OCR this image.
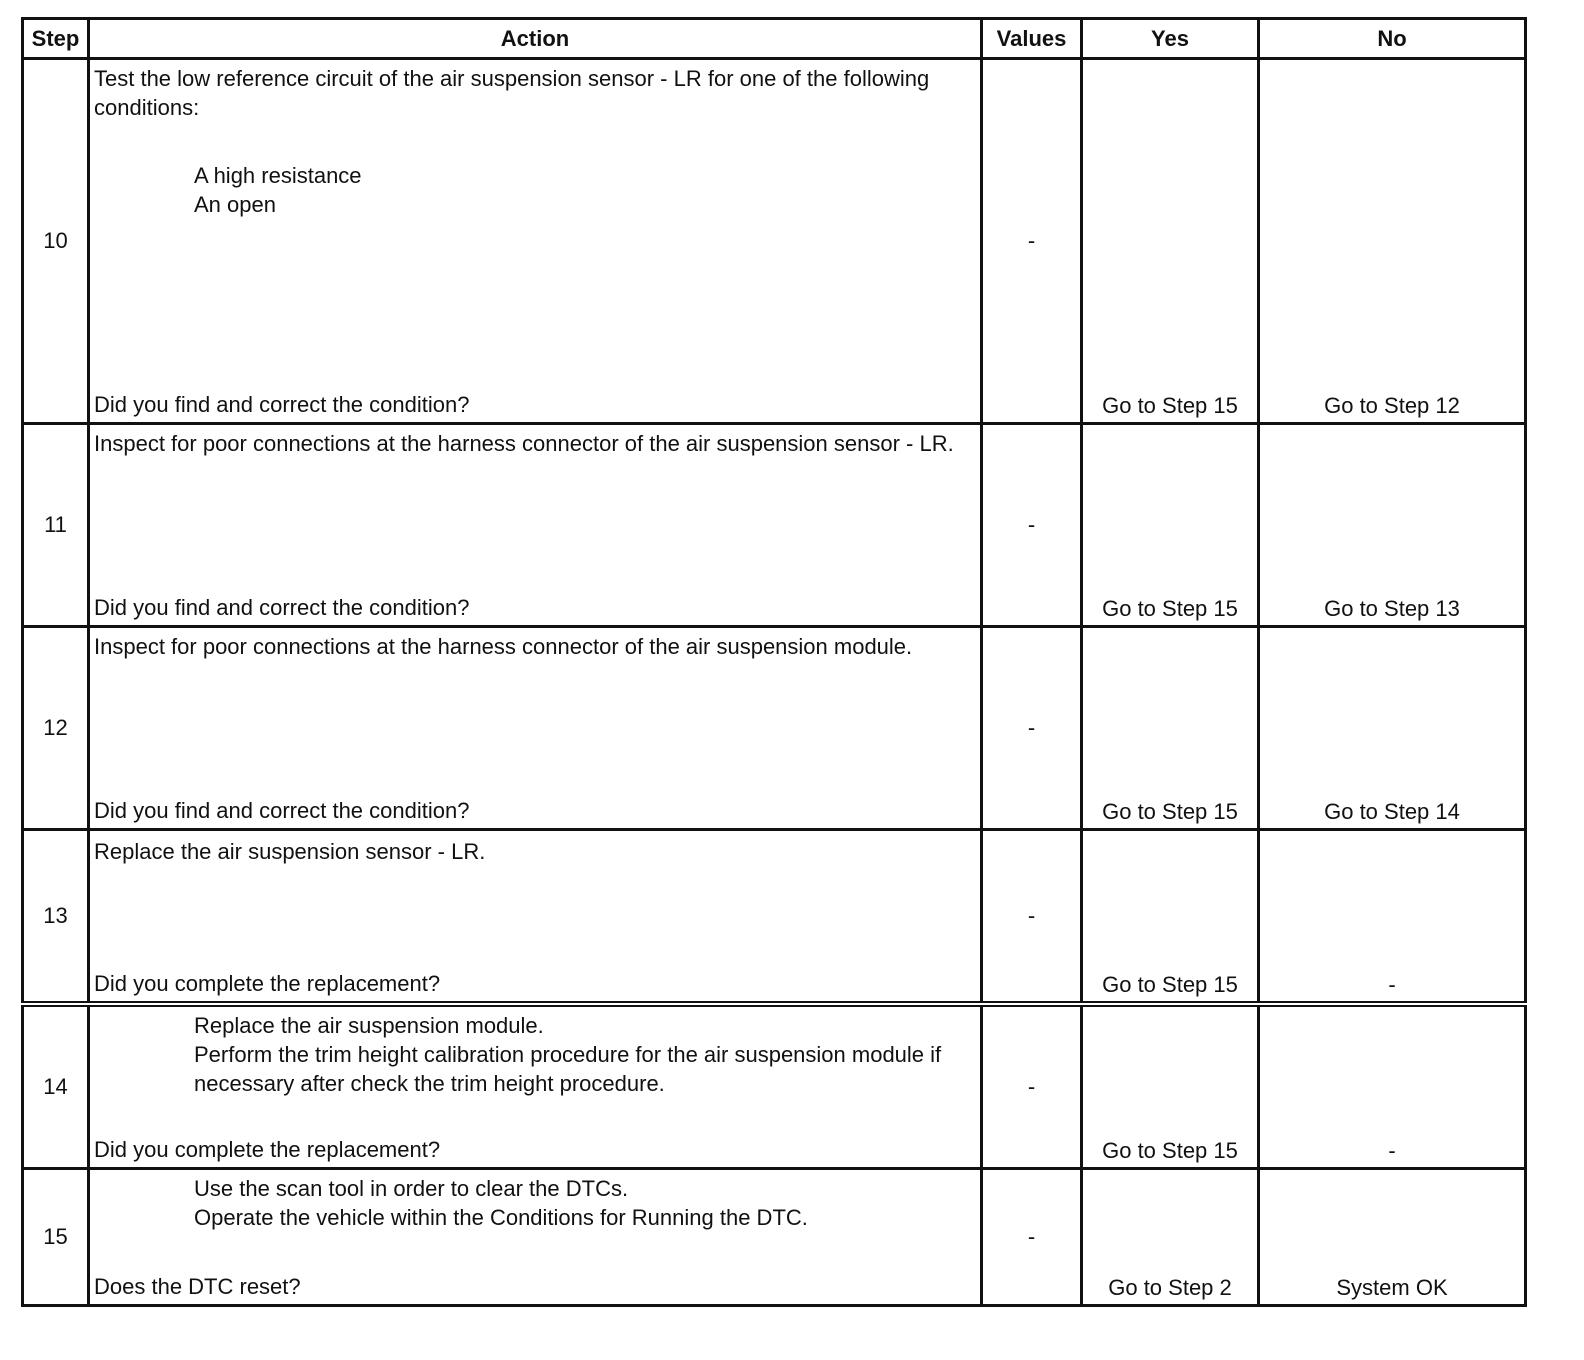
Step	Action	Values	Yes	No
10	Test the low reference circuit of the air suspension sensor - LR for one of the following conditions:
A high resistance
An open
Did you find and correct the condition?	-	Go to Step 15	Go to Step 12
11	Inspect for poor connections at the harness connector of the air suspension sensor - LR.
Did you find and correct the condition?	-	Go to Step 15	Go to Step 13
12	Inspect for poor connections at the harness connector of the air suspension module.
Did you find and correct the condition?	-	Go to Step 15	Go to Step 14
13	Replace the air suspension sensor - LR.
Did you complete the replacement?	-	Go to Step 15	-
14	Replace the air suspension module.
Perform the trim height calibration procedure for the air suspension module if necessary after check the trim height procedure.
Did you complete the replacement?	-	Go to Step 15	-
15	Use the scan tool in order to clear the DTCs.
Operate the vehicle within the Conditions for Running the DTC.
Does the DTC reset?	-	Go to Step 2	System OK
